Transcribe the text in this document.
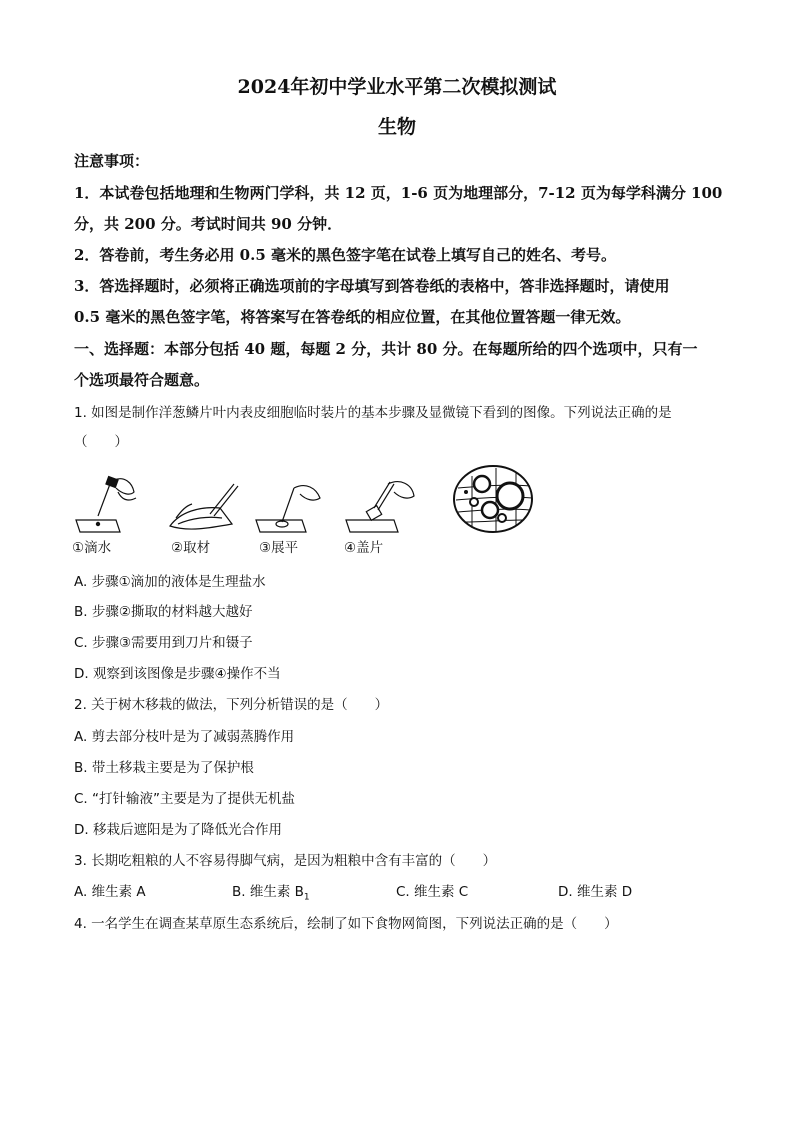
2024年初中学业水平第二次模拟测试
生物
注意事项：
1．本试卷包括地理和生物两门学科，共 12 页，1-6 页为地理部分，7-12 页为每学科满分 100
分，共 200 分。考试时间共 90 分钟．
2．答卷前，考生务必用 0.5 毫米的黑色签字笔在试卷上填写自己的姓名、考号。
3．答选择题时，必须将正确选项前的字母填写到答卷纸的表格中，答非选择题时，请使用
0.5 毫米的黑色签字笔，将答案写在答卷纸的相应位置，在其他位置答题一律无效。
一、选择题：本部分包括 40 题，每题 2 分，共计 80 分。在每题所给的四个选项中，只有一
个选项最符合题意。
1. 如图是制作洋葱鳞片叶内表皮细胞临时装片的基本步骤及显微镜下看到的图像。下列说法正确的是
（　　）
①滴水	②取材	③展平	④盖片
A. 步骤①滴加的液体是生理盐水
B. 步骤②撕取的材料越大越好
C. 步骤③需要用到刀片和镊子
D. 观察到该图像是步骤④操作不当
2. 关于树木移栽的做法，下列分析错误的是（　　）
A. 剪去部分枝叶是为了减弱蒸腾作用
B. 带土移栽主要是为了保护根
C. “打针输液”主要是为了提供无机盐
D. 移栽后遮阳是为了降低光合作用
3. 长期吃粗粮的人不容易得脚气病，是因为粗粮中含有丰富的（　　）
A. 维生素 A	B. 维生素 $B_1$	C. 维生素 C	D. 维生素 D
4. 一名学生在调查某草原生态系统后，绘制了如下食物网简图，下列说法正确的是（　　）
